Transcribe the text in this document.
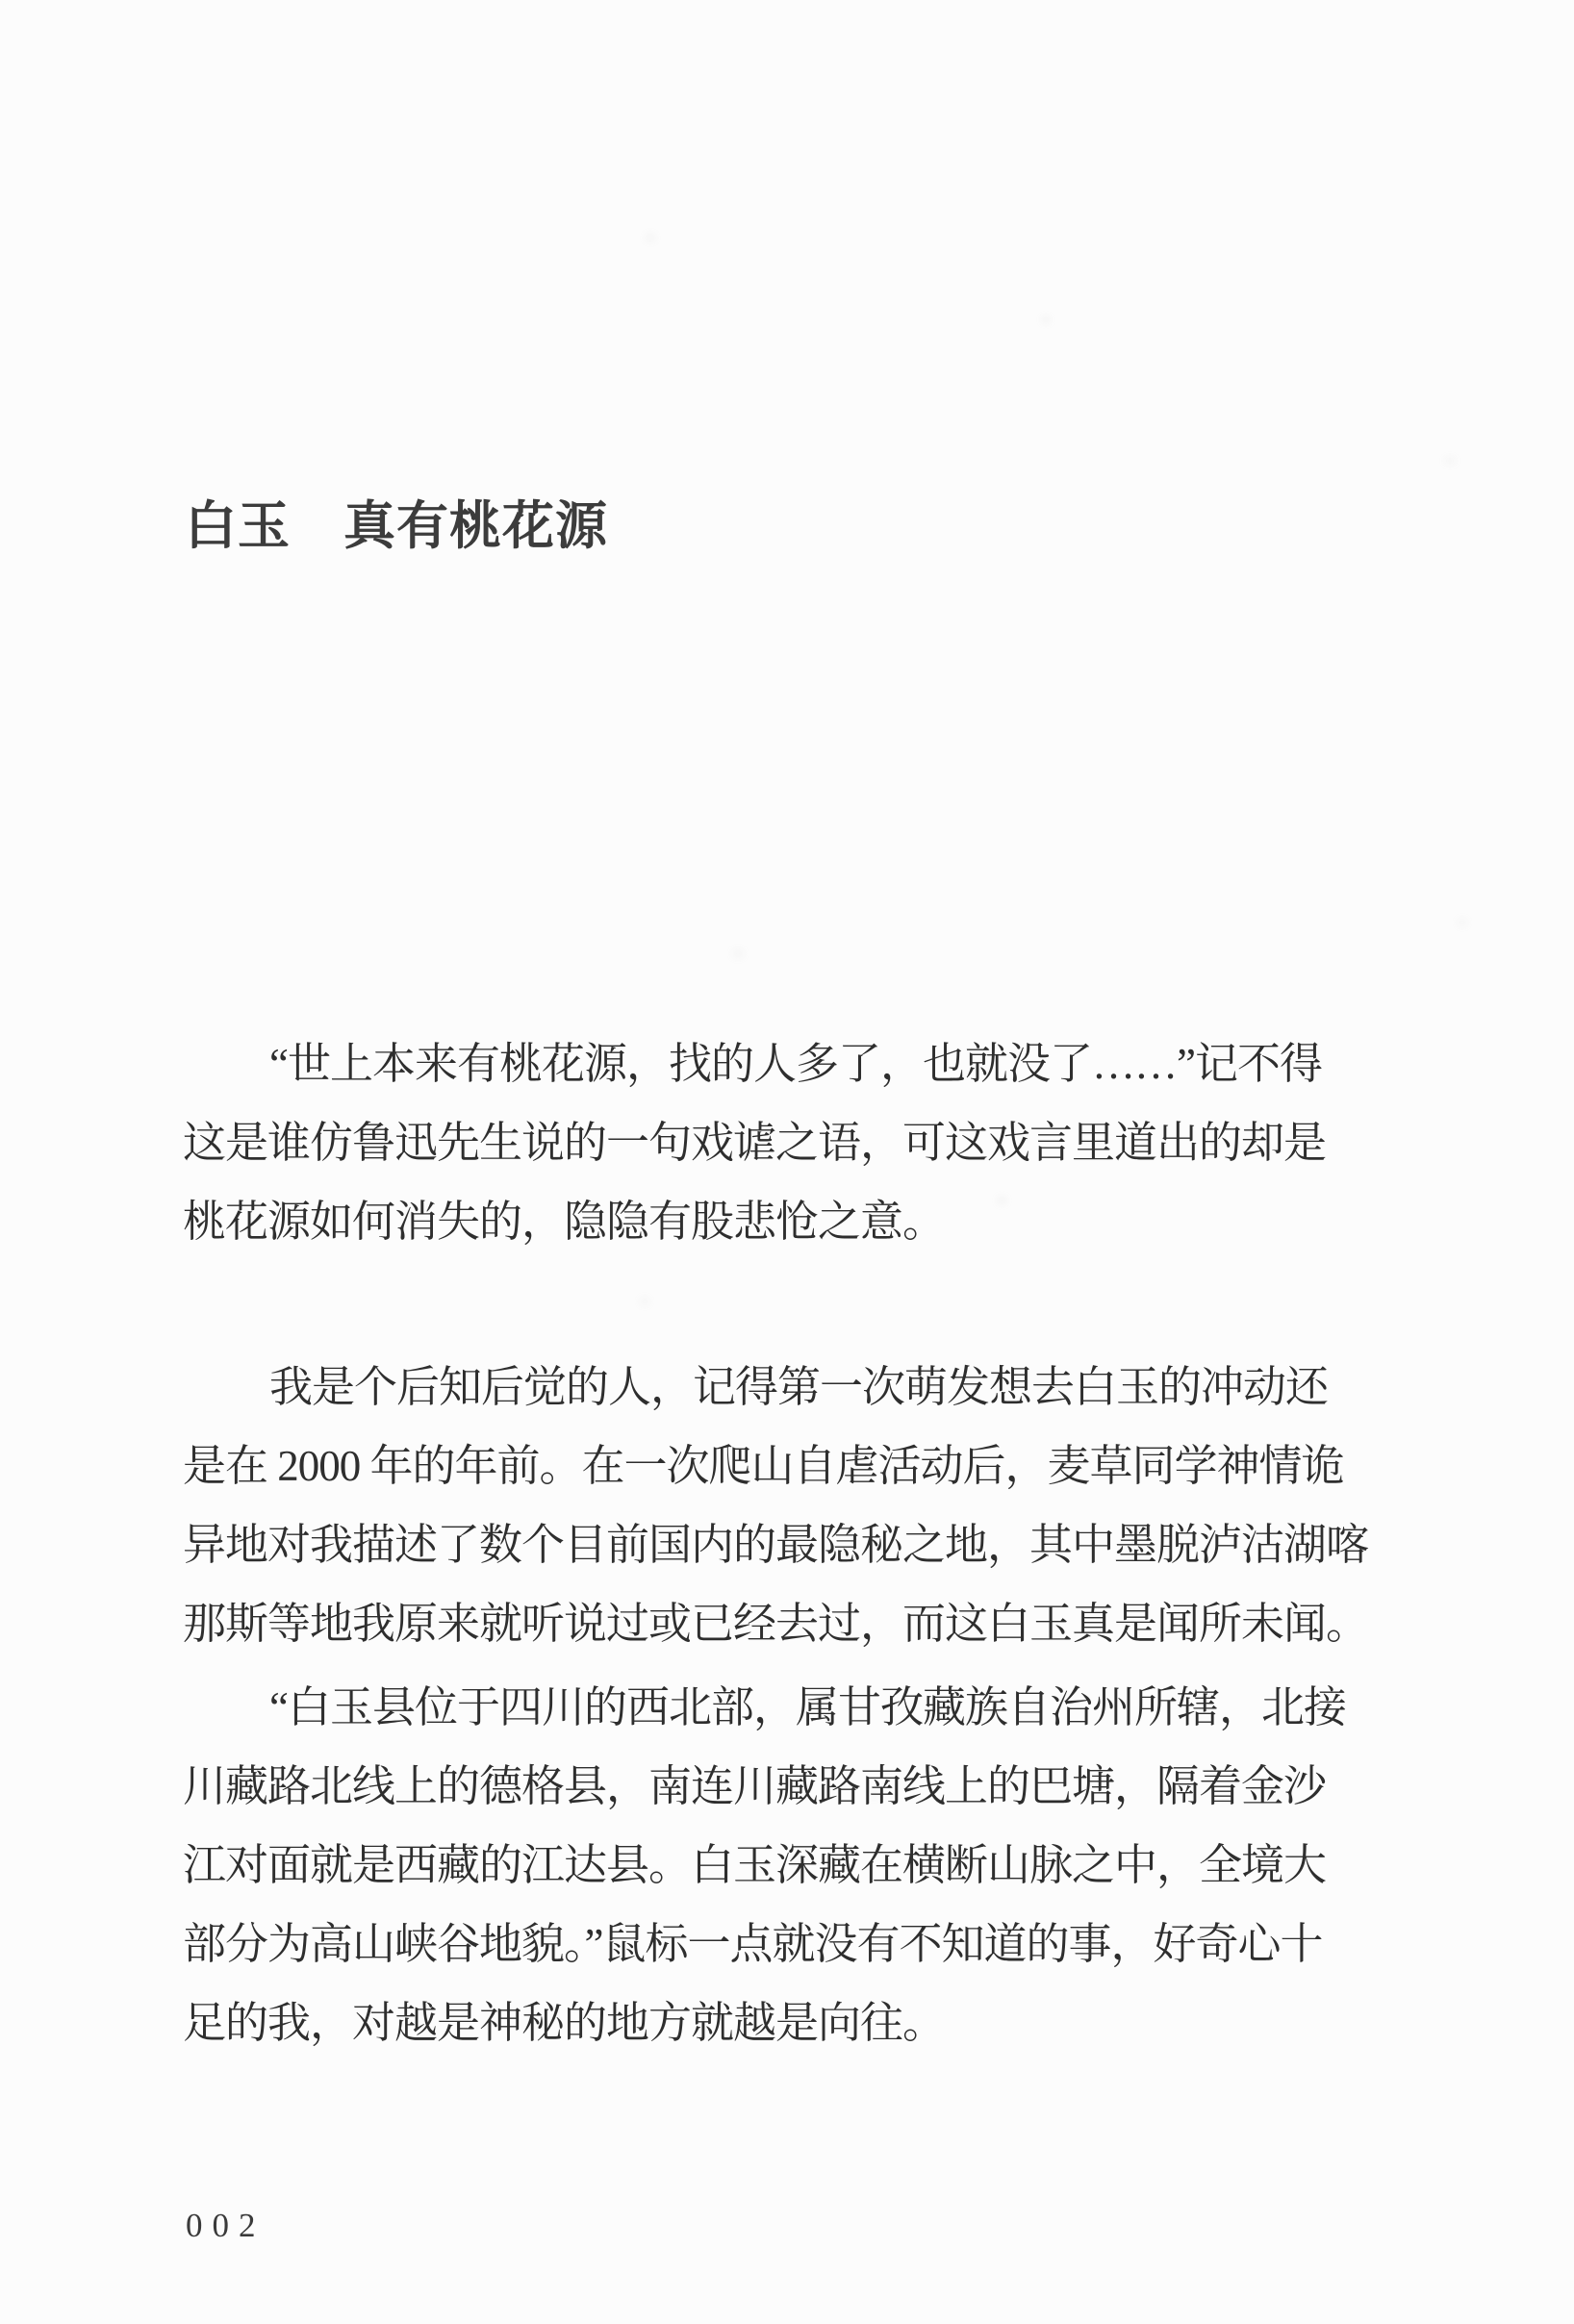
白玉　真有桃花源
“世上本来有桃花源，找的人多了，也就没了……”记不得
这是谁仿鲁迅先生说的一句戏谑之语，可这戏言里道出的却是
桃花源如何消失的，隐隐有股悲怆之意。
我是个后知后觉的人，记得第一次萌发想去白玉的冲动还
是在 2000 年的年前。在一次爬山自虐活动后，麦草同学神情诡
异地对我描述了数个目前国内的最隐秘之地，其中墨脱泸沽湖喀
那斯等地我原来就听说过或已经去过，而这白玉真是闻所未闻。
“白玉县位于四川的西北部，属甘孜藏族自治州所辖，北接
川藏路北线上的德格县，南连川藏路南线上的巴塘，隔着金沙
江对面就是西藏的江达县。白玉深藏在横断山脉之中，全境大
部分为高山峡谷地貌。”鼠标一点就没有不知道的事，好奇心十
足的我，对越是神秘的地方就越是向往。
002
